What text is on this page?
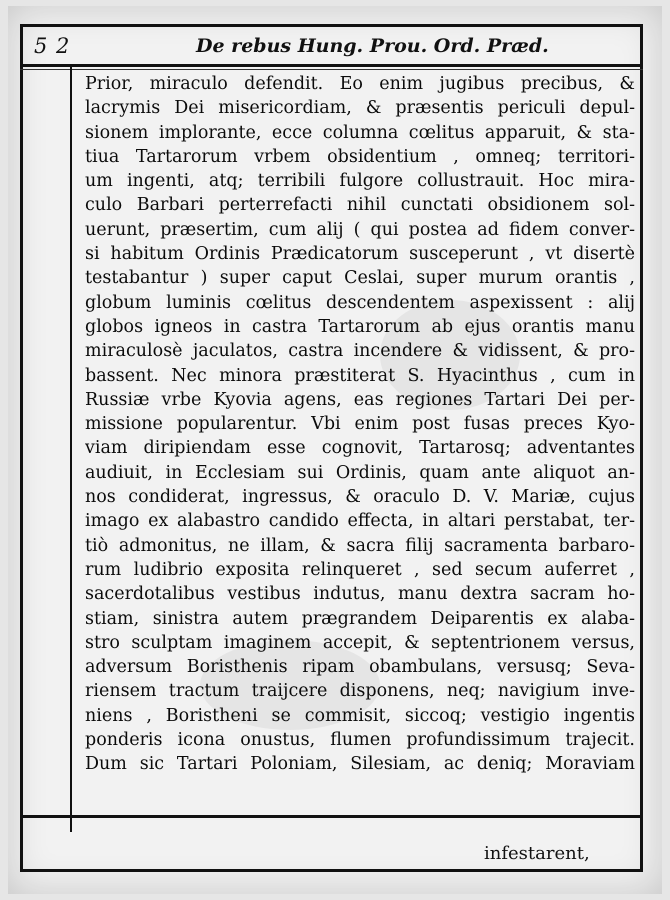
5 2	De rebus Hung. Prou. Ord. Præd.
Prior, miraculo defendit. Eo enim jugibus precibus, &
lacrymis Dei misericordiam, & præsentis periculi depul-
sionem implorante, ecce columna cœlitus apparuit, & sta-
tiua Tartarorum vrbem obsidentium , omneq; territori-
um ingenti, atq; terribili fulgore collustrauit. Hoc mira-
culo Barbari perterrefacti nihil cunctati obsidionem sol-
uerunt, præsertim, cum alij ( qui postea ad fidem conver-
si habitum Ordinis Prædicatorum susceperunt , vt disertè
testabantur ) super caput Ceslai, super murum orantis ,
globum luminis cœlitus descendentem aspexissent : alij
globos igneos in castra Tartarorum ab ejus orantis manu
miraculosè jaculatos, castra incendere & vidissent, & pro-
bassent. Nec minora præstiterat S. Hyacinthus , cum in
Russiæ vrbe Kyovia agens, eas regiones Tartari Dei per-
missione popularentur. Vbi enim post fusas preces Kyo-
viam diripiendam esse cognovit, Tartarosq; adventantes
audiuit, in Ecclesiam sui Ordinis, quam ante aliquot an-
nos condiderat, ingressus, & oraculo D. V. Mariæ, cujus
imago ex alabastro candido effecta, in altari perstabat, ter-
tiò admonitus, ne illam, & sacra filij sacramenta barbaro-
rum ludibrio exposita relinqueret , sed secum auferret ,
sacerdotalibus vestibus indutus, manu dextra sacram ho-
stiam, sinistra autem prægrandem Deiparentis ex alaba-
stro sculptam imaginem accepit, & septentrionem versus,
adversum Boristhenis ripam obambulans, versusq; Seva-
riensem tractum traijcere disponens, neq; navigium inve-
niens , Boristheni se commisit, siccoq; vestigio ingentis
ponderis icona onustus, flumen profundissimum trajecit.
Dum sic Tartari Poloniam, Silesiam, ac deniq; Moraviam
infestarent,
